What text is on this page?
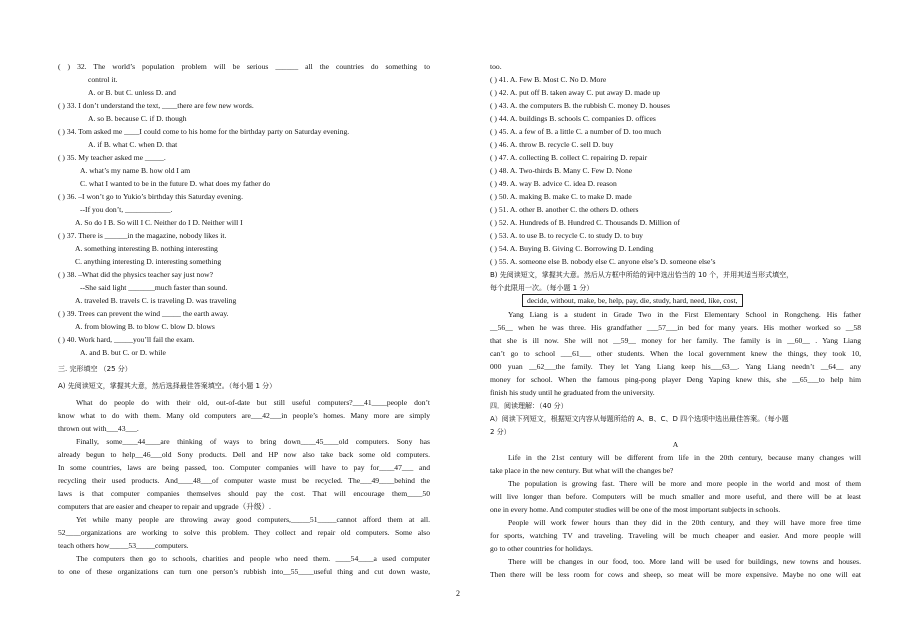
( ) 32. The world’s population problem will be serious ______ all the countries do something to
control it.
A. or B. but C. unless D. and
( ) 33. I don’t understand the text, ____there are few new words.
A. so B. because C. if D. though
( ) 34. Tom asked me ____I could come to his home for the birthday party on Saturday evening.
A. if B. what C. when D. that
( ) 35. My teacher asked me _____.
A. what’s my name B. how old I am
C. what I wanted to be in the future D. what does my father do
( ) 36. –I won’t go to Yukio’s birthday this Saturday evening.
--If you don’t, ____________.
A. So do I B. So will I C. Neither do I D. Neither will I
( ) 37. There is ______in the magazine, nobody likes it.
A. something interesting B. nothing interesting
C. anything interesting D. interesting something
( ) 38. –What did the physics teacher say just now?
--She said light _______much faster than sound.
A. traveled B. travels C. is traveling D. was traveling
( ) 39. Trees can prevent the wind _____ the earth away.
A. from blowing B. to blow C. blow D. blows
( ) 40. Work hard, _____you’ll fail the exam.
A. and B. but C. or D. while
三. 完形填空 （25 分）
A) 先阅读短文，掌握其大意，然后选择最佳答案填空。（每小题 1 分）
What do people do with their old, out-of-date but still useful computers?___41____people don’t
know what to do with them. Many old computers are___42___in people’s homes. Many more are simply
thrown out with___43___.
Finally, some____44____are thinking of ways to bring down____45____old computers. Sony has
already begun to help__46___old Sony products. Dell and HP now also take back some old computers.
In some countries, laws are being passed, too. Computer companies will have to pay for____47___ and
recycling their used products. And____48___of computer waste must be recycled. The___49____behind the
laws is that computer companies themselves should pay the cost. That will encourage them____50
computers that are easier and cheaper to repair and upgrade（升级）.
Yet while many people are throwing away good computers,_____51_____cannot afford them at all.
52____organizations are working to solve this problem. They collect and repair old computers. Some also
teach others how_____53_____computers.
The computers then go to schools, charities and people who need them. ____54____a used computer
to one of these organizations can turn one person’s rubbish into__55____useful thing and cut down waste,
too.
( ) 41. A. Few B. Most C. No D. More
( ) 42. A. put off B. taken away C. put away D. made up
( ) 43. A. the computers B. the rubbish C. money D. houses
( ) 44. A. buildings B. schools C. companies D. offices
( ) 45. A. a few of B. a little C. a number of D. too much
( ) 46. A. throw B. recycle C. sell D. buy
( ) 47. A. collecting B. collect C. repairing D. repair
( ) 48. A. Two-thirds B. Many C. Few D. None
( ) 49. A. way B. advice C. idea D. reason
( ) 50. A. making B. make C. to make D. made
( ) 51. A. other B. another C. the others D. others
( ) 52. A. Hundreds of B. Hundred C. Thousands D. Million of
( ) 53. A. to use B. to recycle C. to study D. to buy
( ) 54. A. Buying B. Giving C. Borrowing D. Lending
( ) 55. A. someone else B. nobody else C. anyone else’s D. someone else’s
B) 先阅读短文，掌握其大意。然后从方框中所给的词中选出恰当的 10 个，并用其适当形式填空，
每个此限用一次。（每小题 1 分）
Yang Liang is a student in Grade Two in the First Elementary School in Rongcheng. His father
__56__ when he was three. His grandfather ___57___in bed for many years. His mother worked so __58
that she is ill now. She will not __59__ money for her family. The family is in __60__ . Yang Liang
can’t go to school ___61___ other students. When the local government knew the things, they took 10,
000 yuan __62___the family. They let Yang Liang keep his___63__. Yang Liang needn’t __64__ any
money for school. When the famous ping-pong player Deng Yaping knew this, she __65___to help him
finish his study until he graduated from the university.
四．阅读理解：（40 分）
A）阅读下列短文，根据短文内容从每题所给的 A、B、C、D 四个选项中选出最佳答案。（每小题
2 分）
Life in the 21st century will be different from life in the 20th century, because many changes will
take place in the new century. But what will the changes be?
The population is growing fast. There will be more and more people in the world and most of them
will live longer than before. Computers will be much smaller and more useful, and there will be at least
one in every home. And computer studies will be one of the most important subjects in schools.
People will work fewer hours than they did in the 20th century, and they will have more free time
for sports, watching TV and traveling. Traveling will be much cheaper and easier. And more people will
go to other countries for holidays.
There will be changes in our food, too. More land will be used for buildings, new towns and houses.
Then there will be less room for cows and sheep, so meat will be more expensive. Maybe no one will eat
decide, without, make, be, help, pay, die, study, hard, need, like, cost,
A
2
